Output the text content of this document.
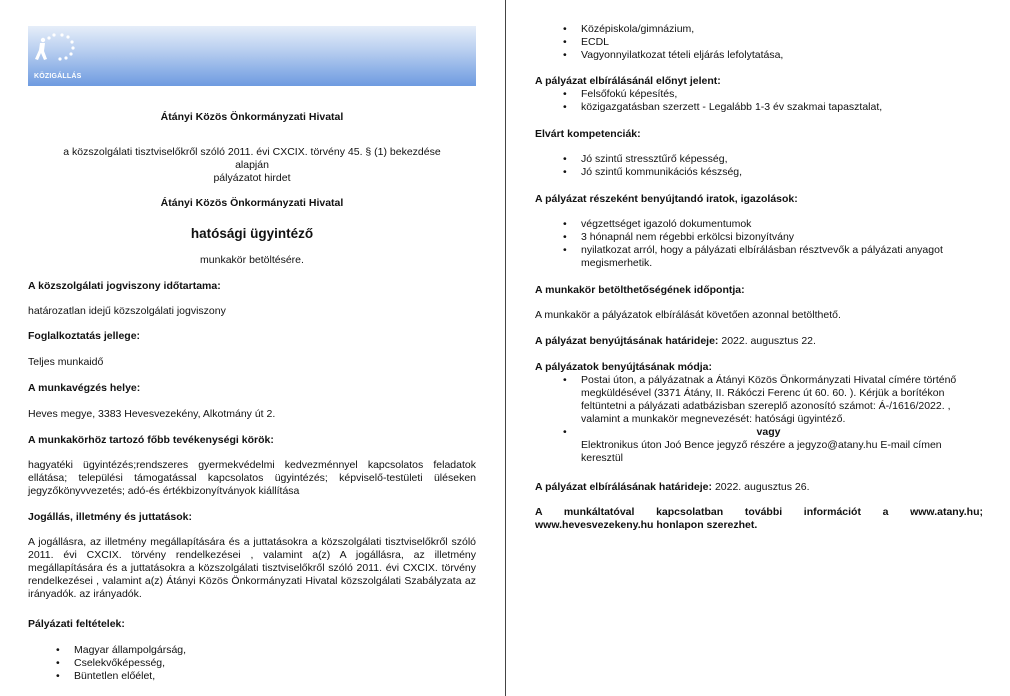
KÖZIGÁLLÁS
Átányi Közös Önkormányzati Hivatal
a közszolgálati tisztviselőkről szóló 2011. évi CXCIX. törvény 45. § (1) bekezdése
alapján
pályázatot hirdet
Átányi Közös Önkormányzati Hivatal
hatósági ügyintéző
munkakör betöltésére.
A közszolgálati jogviszony időtartama:
határozatlan idejű közszolgálati jogviszony
Foglalkoztatás jellege:
Teljes munkaidő
A munkavégzés helye:
Heves megye, 3383 Hevesvezekény, Alkotmány út 2.
A munkakörhöz tartozó főbb tevékenységi körök:
hagyatéki ügyintézés;rendszeres gyermekvédelmi kedvezménnyel kapcsolatos feladatok ellátása; települési támogatással kapcsolatos ügyintézés; képviselő-testületi üléseken jegyzőkönyvvezetés; adó-és értékbizonyítványok kiállítása
Jogállás, illetmény és juttatások:
A jogállásra, az illetmény megállapítására és a juttatásokra a közszolgálati tisztviselőkről szóló 2011. évi CXCIX. törvény rendelkezései , valamint a(z) A jogállásra, az illetmény megállapítására és a juttatásokra a közszolgálati tisztviselőkről szóló 2011. évi CXCIX. törvény rendelkezései , valamint a(z) Átányi Közös Önkormányzati Hivatal közszolgálati Szabályzata az irányadók. az irányadók.
Pályázati feltételek:
• Magyar állampolgárság,
• Cselekvőképesség,
• Büntetlen előélet,
• Középiskola/gimnázium,
• ECDL
• Vagyonnyilatkozat tételi eljárás lefolytatása,
A pályázat elbírálásánál előnyt jelent:
• Felsőfokú képesítés,
• közigazgatásban szerzett - Legalább 1-3 év szakmai tapasztalat,
Elvárt kompetenciák:
• Jó szintű stressztűrő képesség,
• Jó szintű kommunikációs készség,
A pályázat részeként benyújtandó iratok, igazolások:
• végzettséget igazoló dokumentumok
• 3 hónapnál nem régebbi erkölcsi bizonyítvány
• nyilatkozat arról, hogy a pályázati elbírálásban résztvevők a pályázati anyagot megismerhetik.
A munkakör betölthetőségének időpontja:
A munkakör a pályázatok elbírálását követően azonnal betölthető.
A pályázat benyújtásának határideje: 2022. augusztus 22.
A pályázatok benyújtásának módja:
• Postai úton, a pályázatnak a Átányi Közös Önkormányzati Hivatal címére történő megküldésével (3371 Átány, II. Rákóczi Ferenc út 60. 60. ). Kérjük a borítékon feltüntetni a pályázati adatbázisban szereplő azonosító számot: Á-/1616/2022. , valamint a munkakör megnevezését: hatósági ügyintéző.
• Elektronikus úton Joó Bence jegyző részére a jegyzo@atany.hu E-mail címen keresztül
vagy
A pályázat elbírálásának határideje: 2022. augusztus 26.
A munkáltatóval kapcsolatban további információt a www.atany.hu; www.hevesvezekeny.hu honlapon szerezhet.
